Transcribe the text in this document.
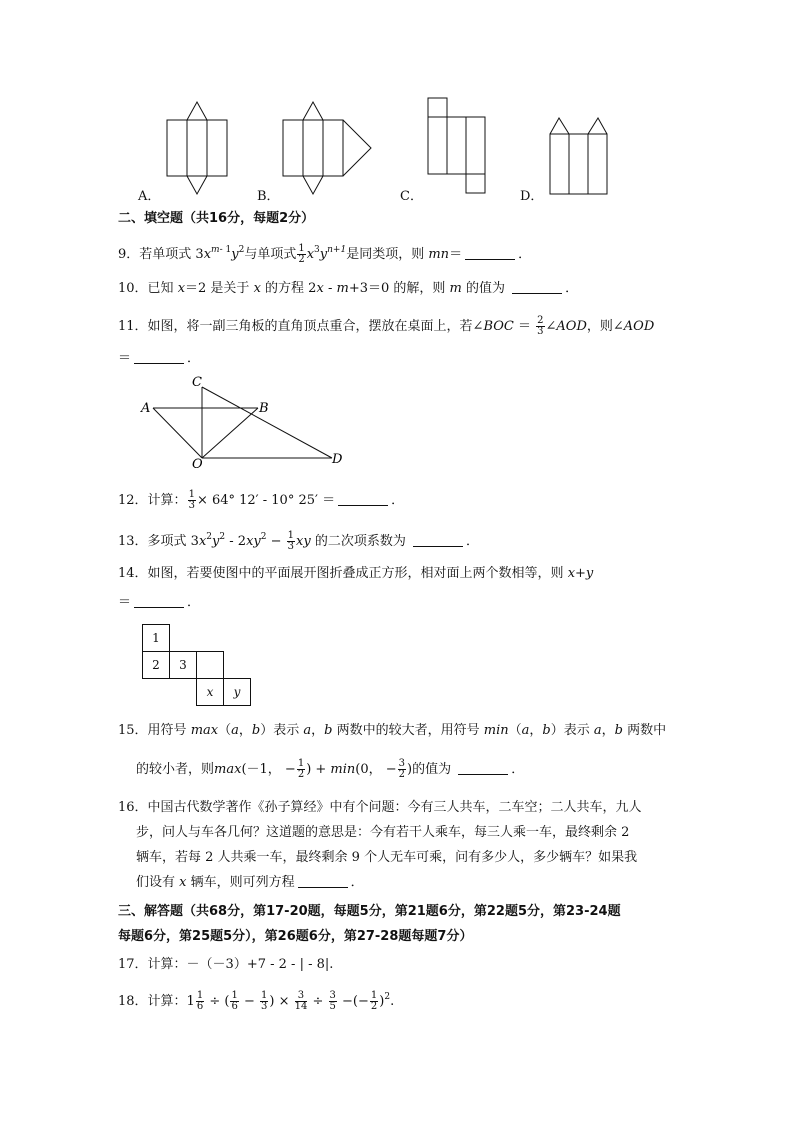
A．	B．	C．	D．
二、填空题（共16分，每题2分）
9．若单项式 $3x^{m- 1}y^2$与单项式 $\frac{1}{2} x^3y^{n+1}$是同类项，则 mn＝	．
10．已知 x＝2 是关于 x 的方程 2x - m+3＝0 的解，则 m 的值为	．
11．如图，将一副三角板的直角顶点重合，摆放在桌面上，若∠BOC ＝ $\frac{2}{3}$ ∠AOD，则∠AOD
＝	．
C
A	B
O	D
12．计算： $\frac{1}{3} \times 64^\circ$ 12′ - 10° 25′ ＝	．
13．多项式 $3x^2y^2 - 2xy^2 - \frac{1}{3}$ xy 的二次项系数为	．
14．如图，若要使图中的平面展开图折叠成正方形，相对面上两个数相等，则 x+y
＝	．
1			
2	3		
		x	y
15．用符号 max（a，b）表示 a，b 两数中的较大者，用符号 min（a，b）表示 a，b 两数中
的较小者，则max(－1， − $\frac{1}{2}$ ) + min(0， − $\frac{3}{2}$ )的值为	．
16．中国古代数学著作《孙子算经》中有个问题：今有三人共车，二车空；二人共车，九人
步，问人与车各几何？这道题的意思是：今有若干人乘车，每三人乘一车，最终剩余 2
辆车，若每 2 人共乘一车，最终剩余 9 个人无车可乘，问有多少人，多少辆车？如果我
们设有 x 辆车，则可列方程	．
三、解答题（共68分，第17-20题，每题5分，第21题6分，第22题5分，第23-24题
每题6分，第25题5分），第26题6分，第27-28题每题7分）
17．计算：－（－3）+7 - 2 - | - 8|.
18．计算：$1 \frac{1}{6}$ ÷ ( $\frac{1}{6} - \frac{1}{3}$ ) × $\frac{3}{14} \div \frac{3}{5}$ −(− $\frac{1}{2} )^2$.
